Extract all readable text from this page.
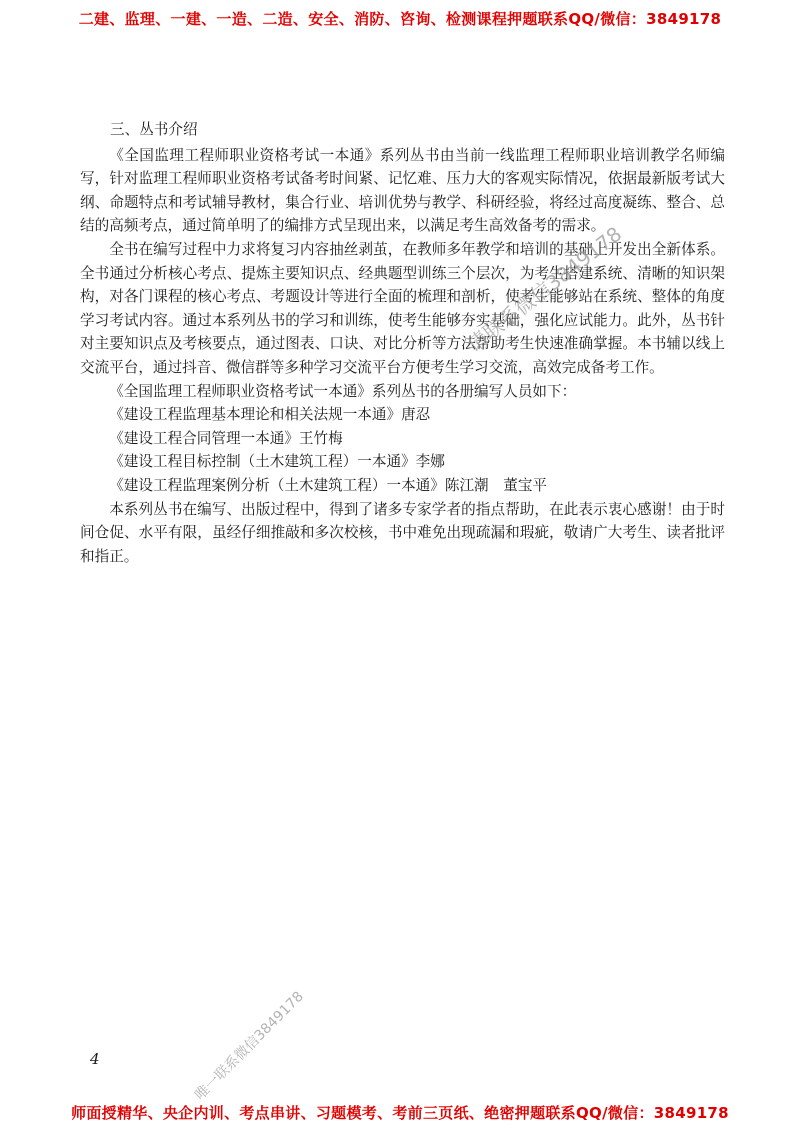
二建、监理、一建、一造、二造、安全、消防、咨询、检测课程押题联系QQ/微信：3849178

三、丛书介绍

《全国监理工程师职业资格考试一本通》系列丛书由当前一线监理工程师职业培训教学名师编写，针对监理工程师职业资格考试备考时间紧、记忆难、压力大的客观实际情况，依据最新版考试大纲、命题特点和考试辅导教材，集合行业、培训优势与教学、科研经验，将经过高度凝练、整合、总结的高频考点，通过简单明了的编排方式呈现出来，以满足考生高效备考的需求。

全书在编写过程中力求将复习内容抽丝剥茧，在教师多年教学和培训的基础上开发出全新体系。全书通过分析核心考点、提炼主要知识点、经典题型训练三个层次，为考生搭建系统、清晰的知识架构，对各门课程的核心考点、考题设计等进行全面的梳理和剖析，使考生能够站在系统、整体的角度学习考试内容。通过本系列丛书的学习和训练，使考生能够夯实基础，强化应试能力。此外，丛书针对主要知识点及考核要点，通过图表、口诀、对比分析等方法帮助考生快速准确掌握。本书辅以线上交流平台，通过抖音、微信群等多种学习交流平台方便考生学习交流，高效完成备考工作。

《全国监理工程师职业资格考试一本通》系列丛书的各册编写人员如下：

《建设工程监理基本理论和相关法规一本通》唐忍

《建设工程合同管理一本通》王竹梅

《建设工程目标控制（土木建筑工程）一本通》李娜

《建设工程监理案例分析（土木建筑工程）一本通》陈江潮　董宝平

本系列丛书在编写、出版过程中，得到了诸多专家学者的指点帮助，在此表示衷心感谢！由于时间仓促、水平有限，虽经仔细推敲和多次校核，书中难免出现疏漏和瑕疵，敬请广大考生、读者批评和指正。

请联系微信3849178
唯一联系微信3849178
4
师面授精华、央企内训、考点串讲、习题模考、考前三页纸、绝密押题联系QQ/微信：3849178
